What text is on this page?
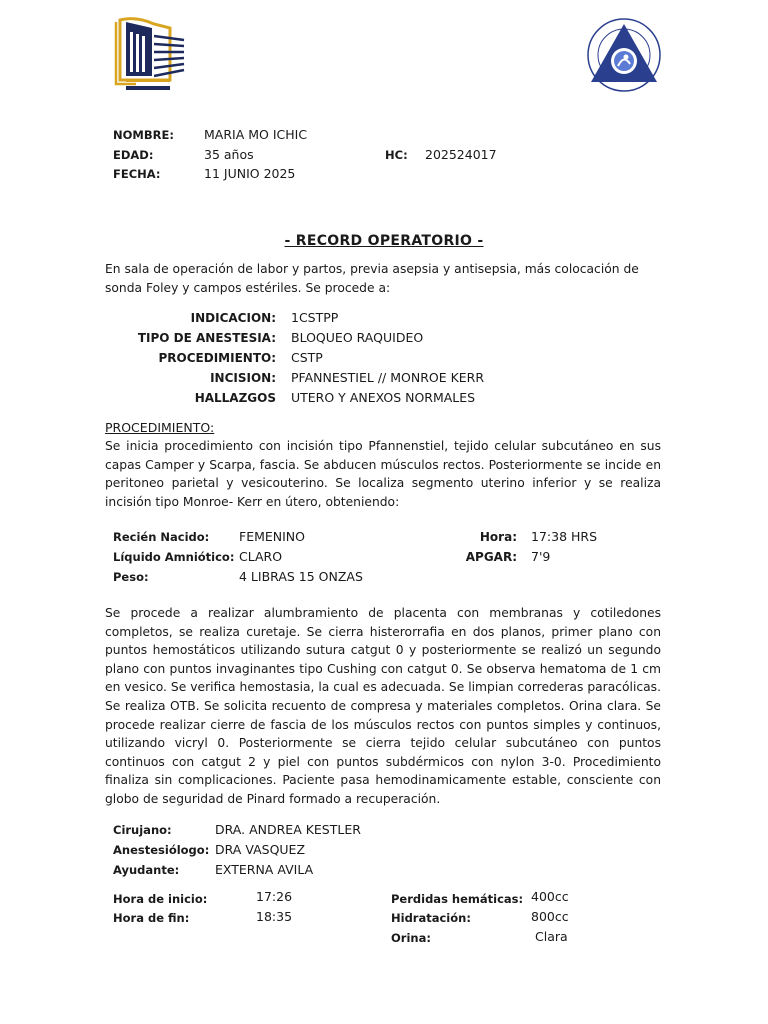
NOMBRE: MARIA MO ICHIC
EDAD:	35 años	HC: 202524017
FECHA:	11 JUNIO 2025
- RECORD OPERATORIO -
En sala de operación de labor y partos, previa asepsia y antisepsia, más colocación de sonda Foley y campos estériles. Se procede a:
INDICACION: 1CSTPP
TIPO DE ANESTESIA: BLOQUEO RAQUIDEO
PROCEDIMIENTO: CSTP
INCISION: PFANNESTIEL // MONROE KERR
HALLAZGOS UTERO Y ANEXOS NORMALES
PROCEDIMIENTO:
Se inicia procedimiento con incisión tipo Pfannenstiel, tejido celular subcutáneo en sus capas Camper y Scarpa, fascia. Se abducen músculos rectos. Posteriormente se incide en peritoneo parietal y vesicouterino. Se localiza segmento uterino inferior y se realiza incisión tipo Monroe- Kerr en útero, obteniendo:
Recién Nacido: FEMENINO	Hora: 17:38 HRS
Líquido Amniótico: CLARO	APGAR: 7'9
Peso:	4 LIBRAS 15 ONZAS
Se procede a realizar alumbramiento de placenta con membranas y cotiledones completos, se realiza curetaje. Se cierra histerorrafia en dos planos, primer plano con puntos hemostáticos utilizando sutura catgut 0 y posteriormente se realizó un segundo plano con puntos invaginantes tipo Cushing con catgut 0. Se observa hematoma de 1 cm en vesico. Se verifica hemostasia, la cual es adecuada. Se limpian correderas paracólicas. Se realiza OTB. Se solicita recuento de compresa y materiales completos. Orina clara. Se procede realizar cierre de fascia de los músculos rectos con puntos simples y continuos, utilizando vicryl 0. Posteriormente se cierra tejido celular subcutáneo con puntos continuos con catgut 2 y piel con puntos subdérmicos con nylon 3-0. Procedimiento finaliza sin complicaciones. Paciente pasa hemodinamicamente estable, consciente con globo de seguridad de Pinard formado a recuperación.
Cirujano:	DRA. ANDREA KESTLER
Anestesiólogo: DRA VASQUEZ
Ayudante:	EXTERNA AVILA
Hora de inicio:	17:26
Hora de fin:	18:35
Perdidas hemáticas: 400cc
Hidratación:	800cc
Orina:	Clara
